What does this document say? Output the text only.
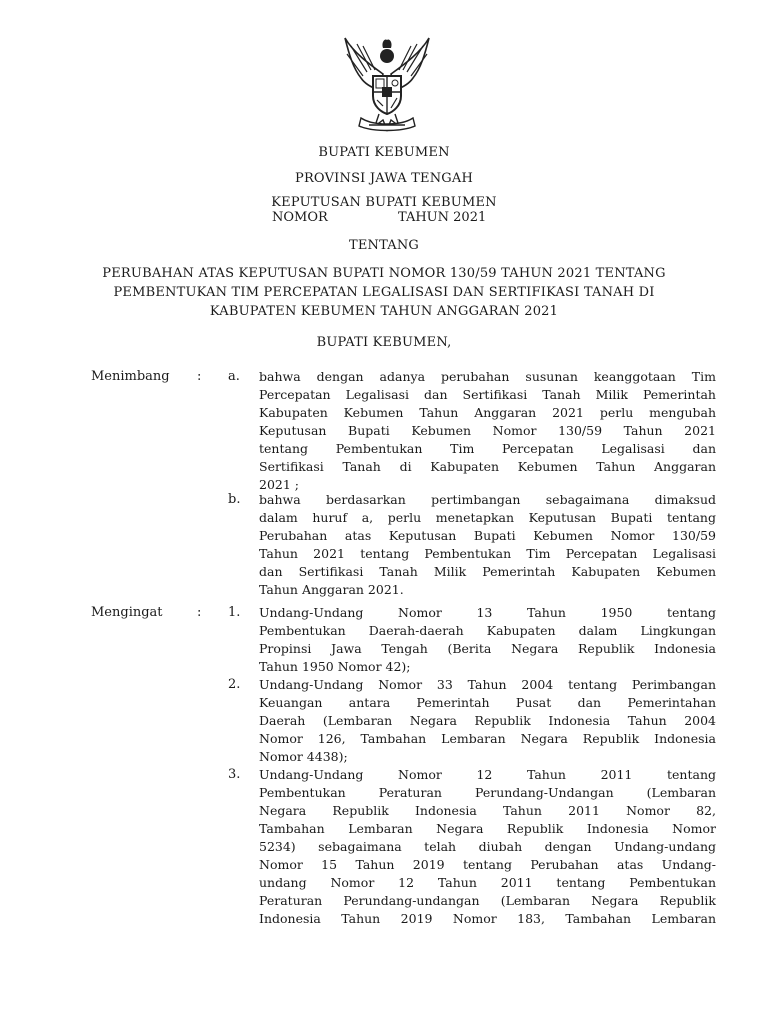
BUPATI KEBUMEN
PROVINSI JAWA TENGAH
KEPUTUSAN BUPATI KEBUMEN
NOMOR	TAHUN 2021
TENTANG
PERUBAHAN ATAS KEPUTUSAN BUPATI NOMOR 130/59 TAHUN 2021 TENTANG
PEMBENTUKAN TIM PERCEPATAN LEGALISASI DAN SERTIFIKASI TANAH DI
KABUPATEN KEBUMEN TAHUN ANGGARAN 2021
BUPATI KEBUMEN,
Menimbang : a. bahwa dengan adanya perubahan susunan keanggotaan Tim
Percepatan Legalisasi dan Sertifikasi Tanah Milik Pemerintah
Kabupaten Kebumen Tahun Anggaran 2021 perlu mengubah
Keputusan Bupati Kebumen Nomor 130/59 Tahun 2021
tentang Pembentukan Tim Percepatan Legalisasi dan
Sertifikasi Tanah di Kabupaten Kebumen Tahun Anggaran
2021 ;
b. bahwa berdasarkan pertimbangan sebagaimana dimaksud
dalam huruf a, perlu menetapkan Keputusan Bupati tentang
Perubahan atas Keputusan Bupati Kebumen Nomor 130/59
Tahun 2021 tentang Pembentukan Tim Percepatan Legalisasi
dan Sertifikasi Tanah Milik Pemerintah Kabupaten Kebumen
Tahun Anggaran 2021.
Mengingat	: 1. Undang-Undang Nomor 13 Tahun 1950 tentang
Pembentukan Daerah-daerah Kabupaten dalam Lingkungan
Propinsi Jawa Tengah (Berita Negara Republik Indonesia
Tahun 1950 Nomor 42);
2. Undang-Undang Nomor 33 Tahun 2004 tentang Perimbangan
Keuangan antara Pemerintah Pusat dan Pemerintahan
Daerah (Lembaran Negara Republik Indonesia Tahun 2004
Nomor 126, Tambahan Lembaran Negara Republik Indonesia
Nomor 4438);
3. Undang-Undang Nomor 12 Tahun 2011 tentang
Pembentukan Peraturan Perundang-Undangan (Lembaran
Negara Republik Indonesia Tahun 2011 Nomor 82,
Tambahan Lembaran Negara Republik Indonesia Nomor
5234) sebagaimana telah diubah dengan Undang-undang
Nomor 15 Tahun 2019 tentang Perubahan atas Undang-
undang Nomor 12 Tahun 2011 tentang Pembentukan
Peraturan Perundang-undangan (Lembaran Negara Republik
Indonesia Tahun 2019 Nomor 183, Tambahan Lembaran
